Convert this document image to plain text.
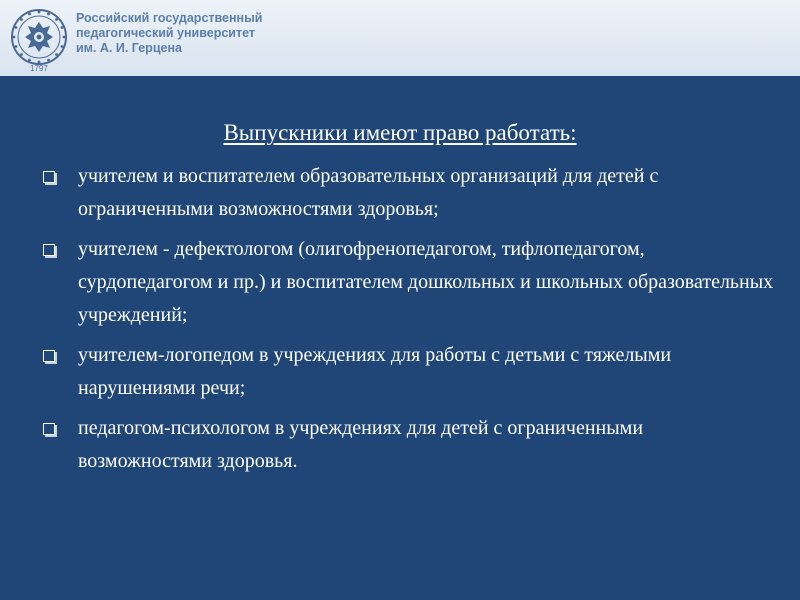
1797
Российский государственный
педагогический университет
им. А. И. Герцена
Выпускники имеют право работать:
учителем и воспитателем образовательных организаций для детей с ограниченными возможностями здоровья;
учителем - дефектологом (олигофренопедагогом, тифлопедагогом, сурдопедагогом и пр.) и воспитателем дошкольных и школьных образовательных учреждений;
учителем-логопедом в учреждениях для работы с детьми с тяжелыми нарушениями речи;
педагогом-психологом в учреждениях для детей с ограниченными возможностями здоровья.
